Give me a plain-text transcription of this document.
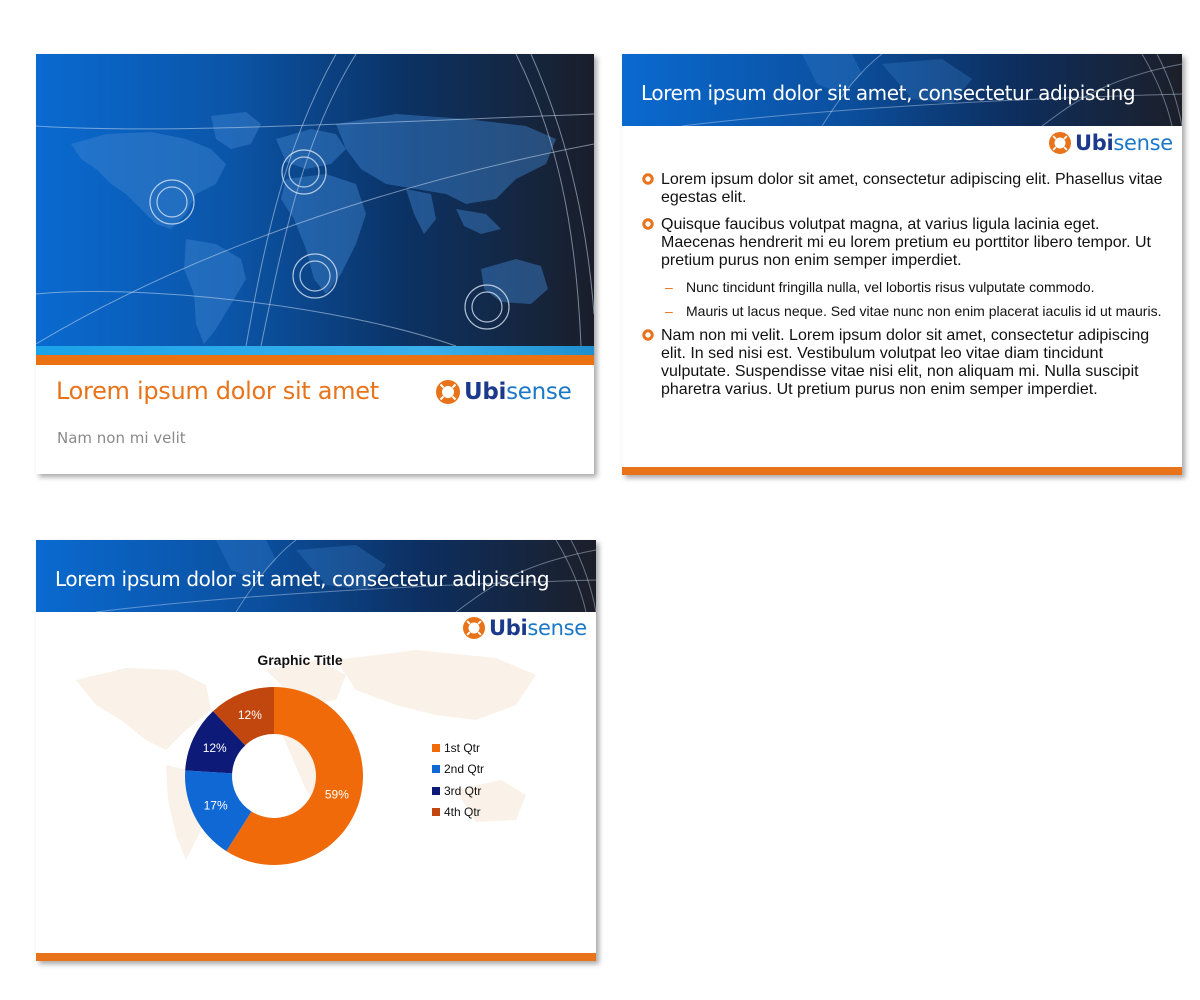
Lorem ipsum dolor sit amet
Nam non mi velit
Ubisense
Lorem ipsum dolor sit amet, consectetur adipiscing
Ubisense
Lorem ipsum dolor sit amet, consectetur adipiscing elit. Phasellus vitae egestas elit.
Quisque faucibus volutpat magna, at varius ligula lacinia eget. Maecenas hendrerit mi eu lorem pretium eu porttitor libero tempor. Ut pretium purus non enim semper imperdiet.
– Nunc tincidunt fringilla nulla, vel lobortis risus vulputate commodo.
– Mauris ut lacus neque. Sed vitae nunc non enim placerat iaculis id ut mauris.
Nam non mi velit. Lorem ipsum dolor sit amet, consectetur adipiscing elit. In sed nisi est. Vestibulum volutpat leo vitae diam tincidunt vulputate. Suspendisse vitae nisi elit, non aliquam mi. Nulla suscipit pharetra varius. Ut pretium purus non enim semper imperdiet.
Lorem ipsum dolor sit amet, consectetur adipiscing
Ubisense
Graphic Title
59%
17%
12%
12%
1st Qtr
2nd Qtr
3rd Qtr
4th Qtr
